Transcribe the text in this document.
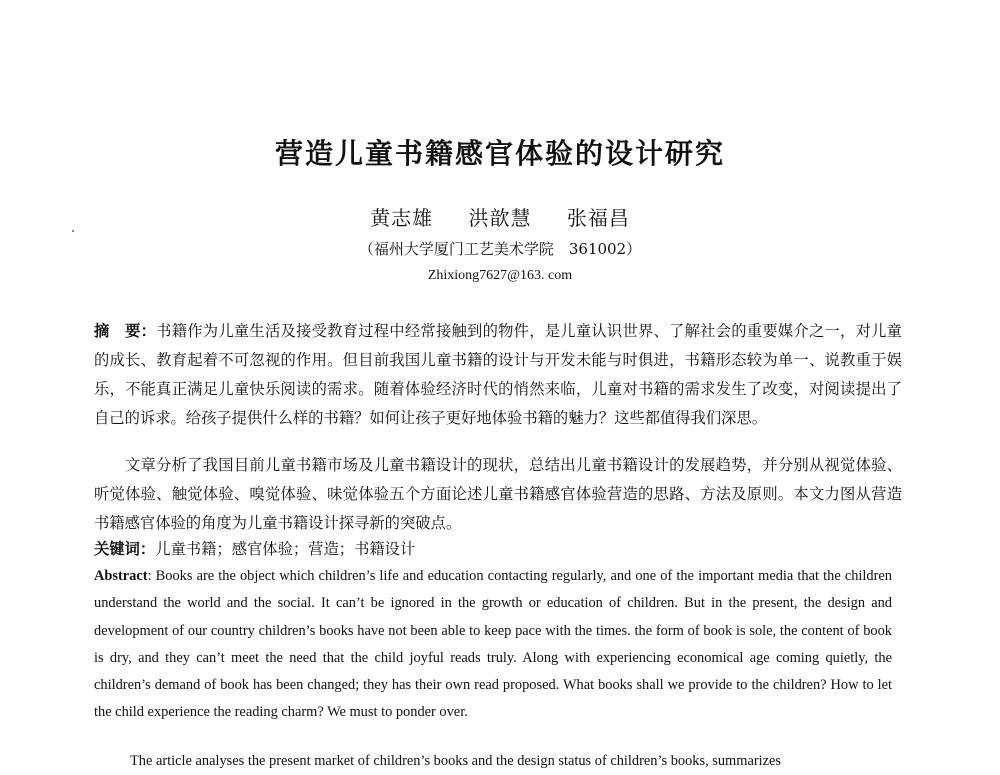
营造儿童书籍感官体验的设计研究
黄志雄 洪歆慧 张福昌
（福州大学厦门工艺美术学院　361002）
Zhixiong7627@163. com
摘　要：书籍作为儿童生活及接受教育过程中经常接触到的物件，是儿童认识世界、了解社会的重要媒介之一，对儿童的成长、教育起着不可忽视的作用。但目前我国儿童书籍的设计与开发未能与时俱进，书籍形态较为单一、说教重于娱乐，不能真正满足儿童快乐阅读的需求。随着体验经济时代的悄然来临，儿童对书籍的需求发生了改变，对阅读提出了自己的诉求。给孩子提供什么样的书籍？如何让孩子更好地体验书籍的魅力？这些都值得我们深思。
文章分析了我国目前儿童书籍市场及儿童书籍设计的现状，总结出儿童书籍设计的发展趋势，并分别从视觉体验、听觉体验、触觉体验、嗅觉体验、味觉体验五个方面论述儿童书籍感官体验营造的思路、方法及原则。本文力图从营造书籍感官体验的角度为儿童书籍设计探寻新的突破点。
关键词：儿童书籍；感官体验；营造；书籍设计
Abstract: Books are the object which children’s life and education contacting regularly, and one of the important media that the children understand the world and the social. It can’t be ignored in the growth or education of children. But in the present, the design and development of our country children’s books have not been able to keep pace with the times. the form of book is sole, the content of book is dry, and they can’t meet the need that the child joyful reads truly. Along with experiencing economical age coming quietly, the children’s demand of book has been changed; they has their own read proposed. What books shall we provide to the children? How to let the child experience the reading charm? We must to ponder over.
The article analyses the present market of children’s books and the design status of children’s books, summarizes
